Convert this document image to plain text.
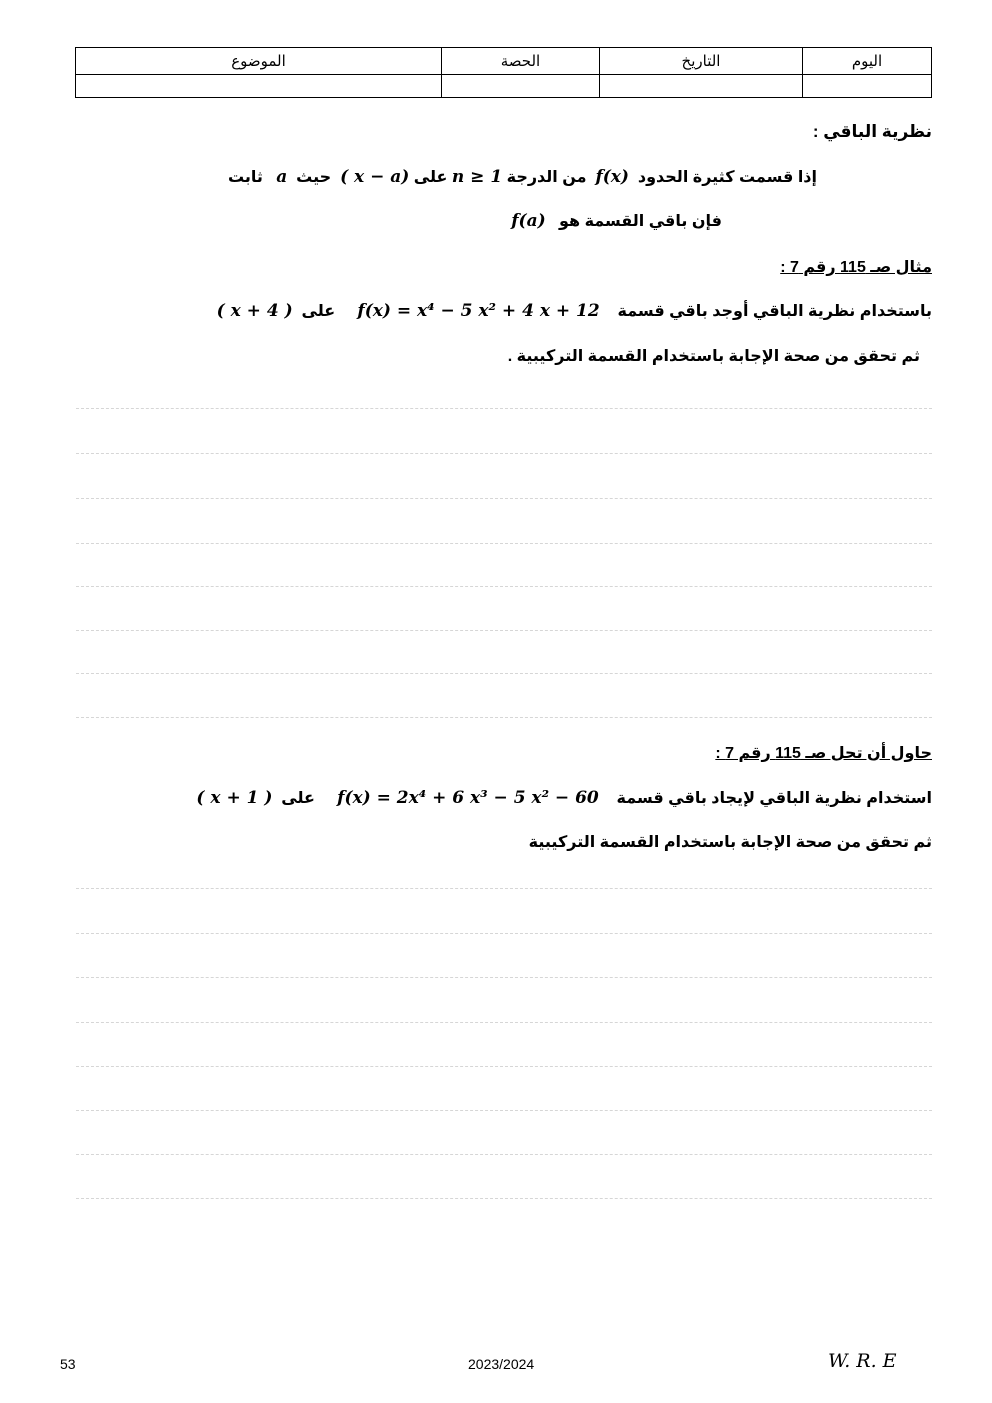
اليوم	التاريخ	الحصة	الموضوع

نظرية الباقي :
إذا قسمت كثيرة الحدود  f(x)  من الدرجة n ≥ 1 على ( x − a)  حيث  a   ثابت
فإن باقي القسمة هو   f(a)
مثال صـ 115 رقم 7 :
باستخدام نظرية الباقي أوجد باقي قسمة    f(x) = x⁴ − 5 x² + 4 x + 12     على  ( x + 4 )
ثم تحقق من صحة الإجابة باستخدام القسمة التركيبية .
حاول أن تحل صـ 115 رقم 7 :
استخدام نظرية الباقي لإيجاد باقي قسمة    f(x) = 2x⁴ + 6 x³ − 5 x² − 60     على  ( x + 1 )
ثم تحقق من صحة الإجابة باستخدام القسمة التركيبية
53	2023/2024	W. R. E
